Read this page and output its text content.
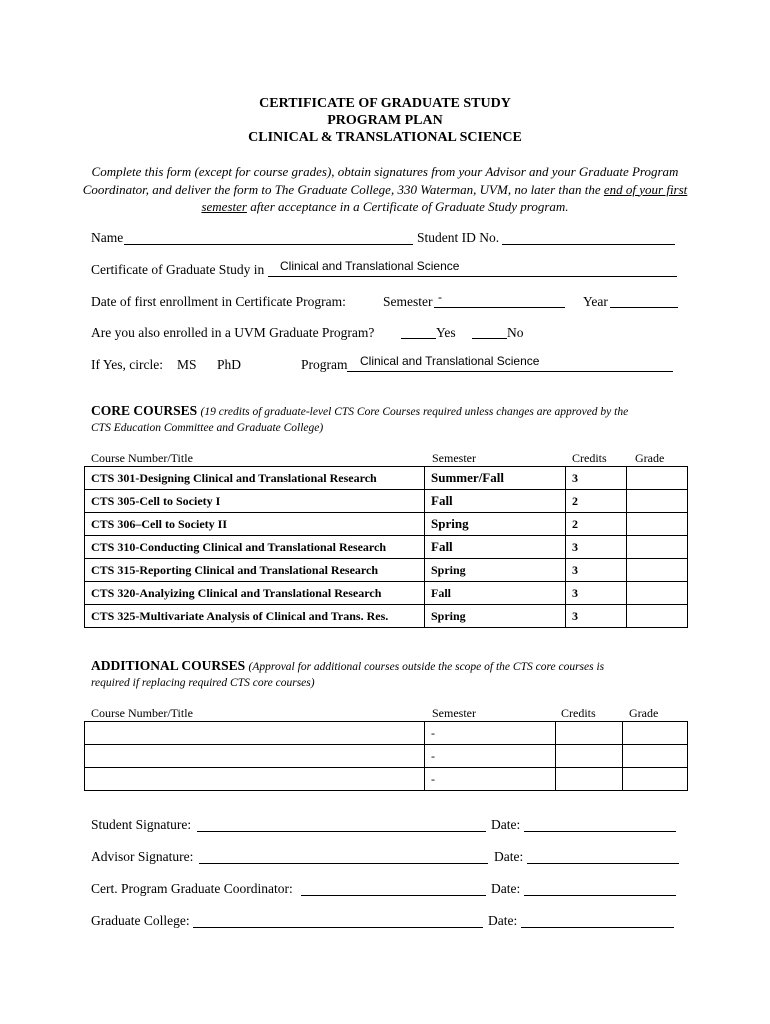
CERTIFICATE OF GRADUATE STUDY
PROGRAM PLAN
CLINICAL & TRANSLATIONAL SCIENCE
Complete this form (except for course grades), obtain signatures from your Advisor and your Graduate Program Coordinator, and deliver the form to The Graduate College, 330 Waterman, UVM, no later than the end of your first semester after acceptance in a Certificate of Graduate Study program.
Name	Student ID No.
Certificate of Graduate Study in Clinical and Translational Science
Date of first enrollment in Certificate Program:	Semester -	Year
Are you also enrolled in a UVM Graduate Program?	Yes	No
If Yes, circle: MS PhD	Program Clinical and Translational Science
CORE COURSES (19 credits of graduate-level CTS Core Courses required unless changes are approved by the
CTS Education Committee and Graduate College)
Course Number/Title	Semester	Credits Grade
CTS 301-Designing Clinical and Translational Research	Summer/Fall	3	
CTS 305-Cell to Society I	Fall	2	
CTS 306–Cell to Society II	Spring	2	
CTS 310-Conducting Clinical and Translational Research	Fall	3	
CTS 315-Reporting Clinical and Translational Research	Spring	3	
CTS 320-Analyizing Clinical and Translational Research	Fall	3	
CTS 325-Multivariate Analysis of Clinical and Trans. Res.	Spring	3	
ADDITIONAL COURSES (Approval for additional courses outside the scope of the CTS core courses is
required if replacing required CTS core courses)
Course Number/Title	Semester	Credits	Grade
	-		
	-		
	-		
Student Signature:	Date:
Advisor Signature:	Date:
Cert. Program Graduate Coordinator:	Date:
Graduate College:	Date:
